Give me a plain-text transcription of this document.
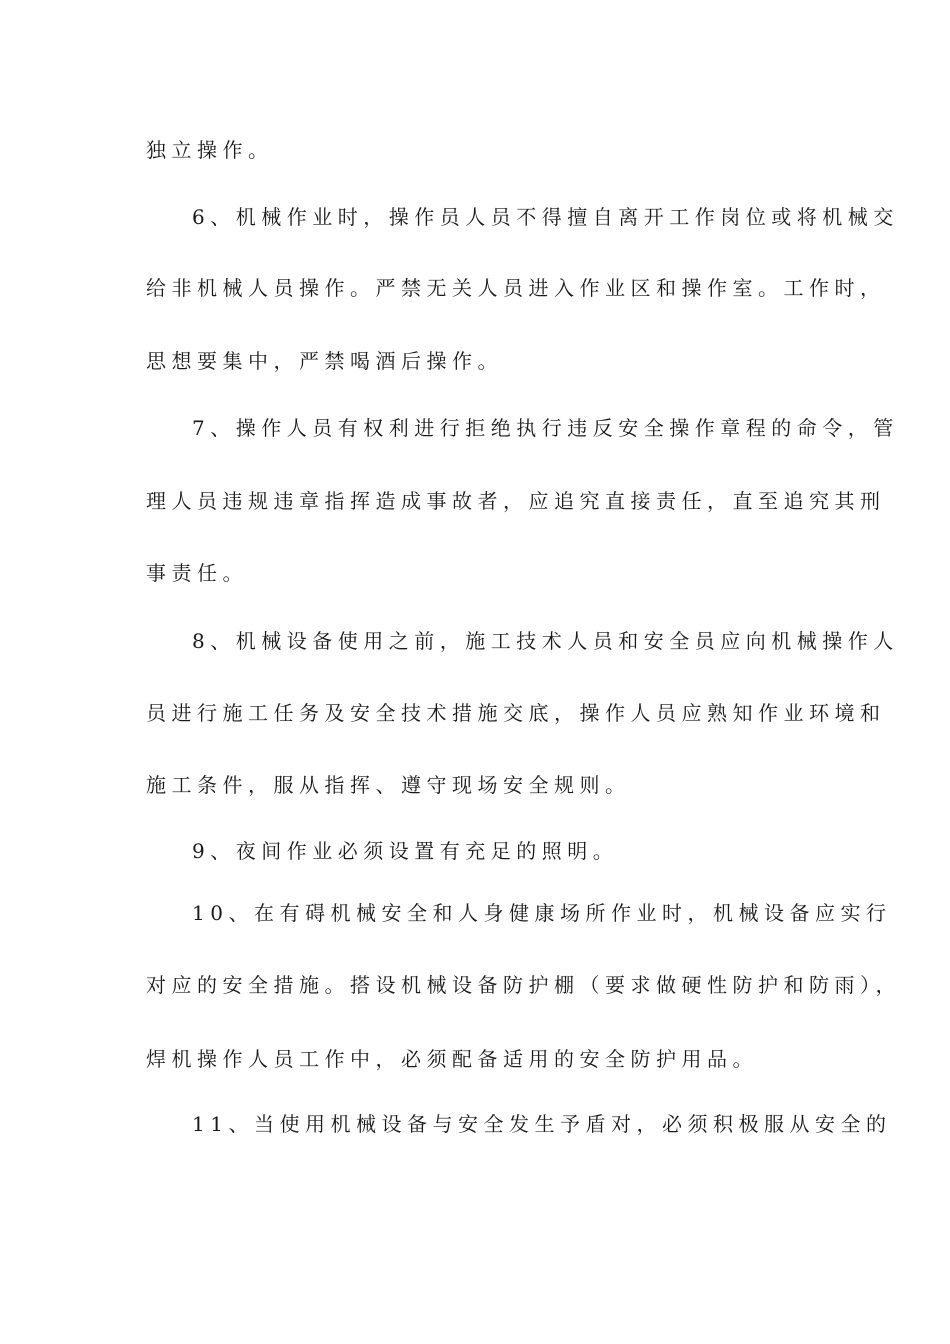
独立操作。
6、机械作业时，操作员人员不得擅自离开工作岗位或将机械交
给非机械人员操作。严禁无关人员进入作业区和操作室。工作时，
思想要集中，严禁喝酒后操作。
7、操作人员有权利进行拒绝执行违反安全操作章程的命令，管
理人员违规违章指挥造成事故者，应追究直接责任，直至追究其刑
事责任。
8、机械设备使用之前，施工技术人员和安全员应向机械操作人
员进行施工任务及安全技术措施交底，操作人员应熟知作业环境和
施工条件，服从指挥、遵守现场安全规则。
9、夜间作业必须设置有充足的照明。
10、在有碍机械安全和人身健康场所作业时，机械设备应实行
对应的安全措施。搭设机械设备防护棚（要求做硬性防护和防雨），
焊机操作人员工作中，必须配备适用的安全防护用品。
11、当使用机械设备与安全发生予盾对，必须积极服从安全的
